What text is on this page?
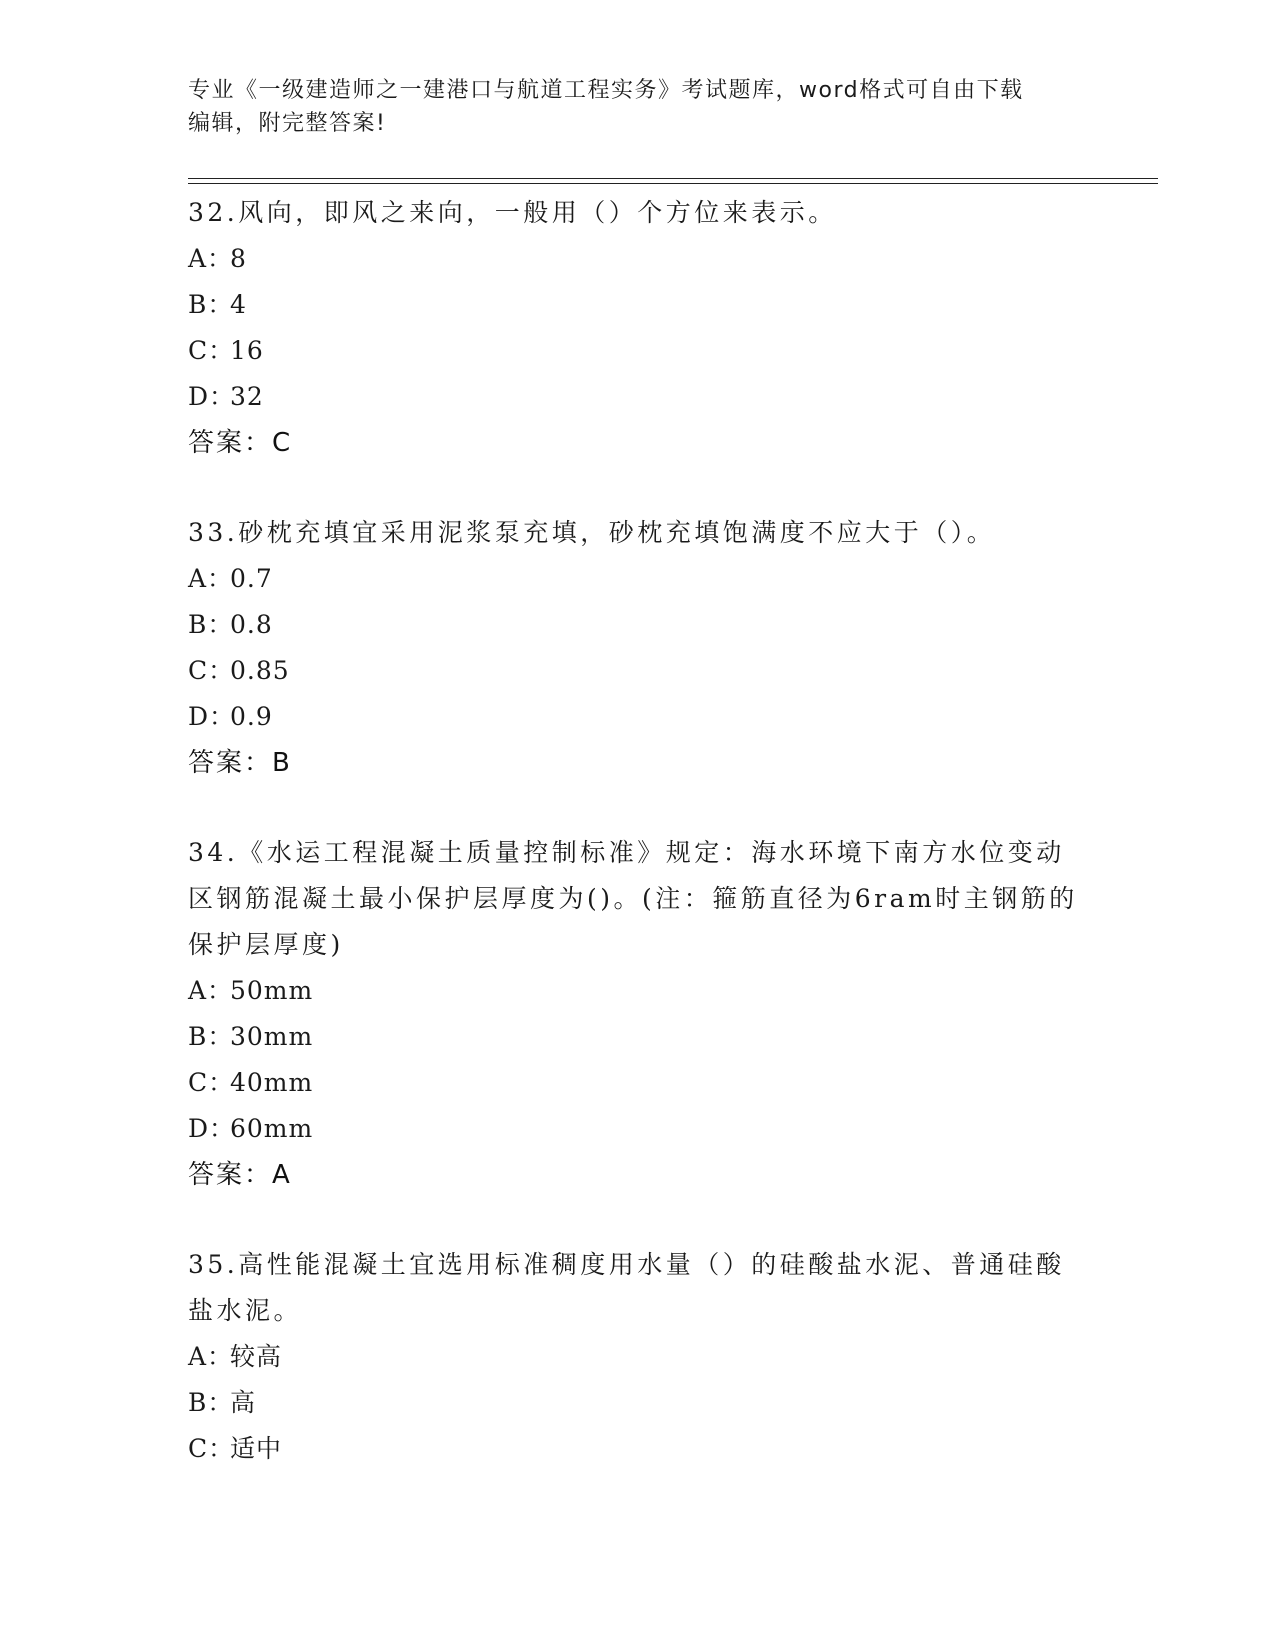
专业《一级建造师之一建港口与航道工程实务》考试题库，word格式可自由下载
编辑，附完整答案!
32.风向，即风之来向，一般用（）个方位来表示。
A：8
B：4
C：16
D：32
答案：C
33.砂枕充填宜采用泥浆泵充填，砂枕充填饱满度不应大于（）。
A：0.7
B：0.8
C：0.85
D：0.9
答案：B
34.《水运工程混凝土质量控制标准》规定：海水环境下南方水位变动区钢筋混凝土最小保护层厚度为()。(注：箍筋直径为6ram时主钢筋的保护层厚度)
A：50mm
B：30mm
C：40mm
D：60mm
答案：A
35.高性能混凝土宜选用标准稠度用水量（）的硅酸盐水泥、普通硅酸盐水泥。
A：较高
B：高
C：适中
